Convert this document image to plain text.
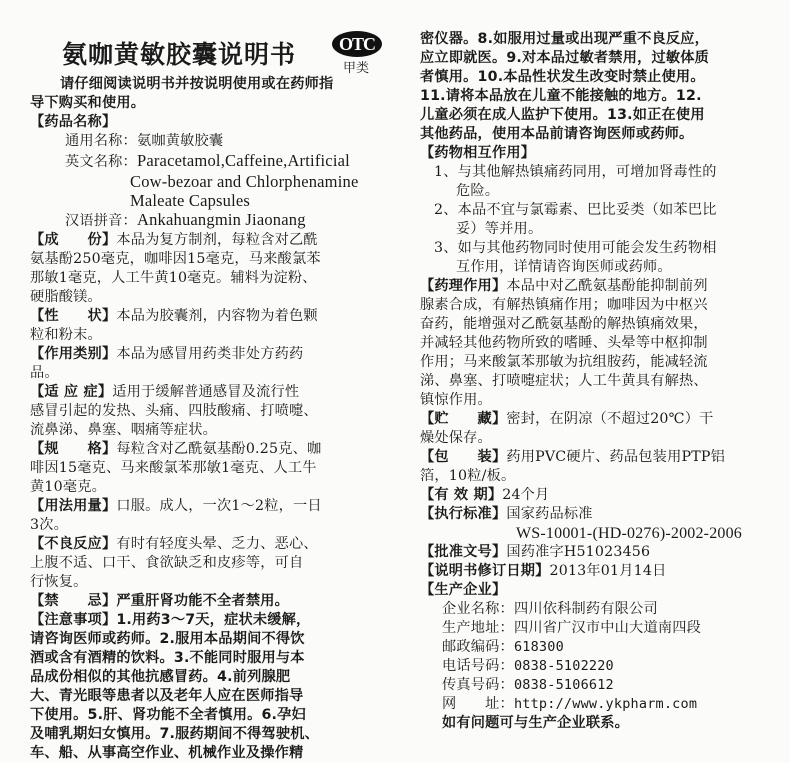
氨咖黄敏胶囊说明书	OTC
甲类
请仔细阅读说明书并按说明使用或在药师指
导下购买和使用。
【药品名称】
通用名称：氨咖黄敏胶囊
英文名称：Paracetamol,Caffeine,Artificial
Cow-bezoar and Chlorphenamine
Maleate Capsules
汉语拼音：Ankahuangmin Jiaonang
【成　　份】本品为复方制剂，每粒含对乙酰
氨基酚250毫克，咖啡因15毫克，马来酸氯苯
那敏1毫克，人工牛黄10毫克。辅料为淀粉、
硬脂酸镁。
【性　　状】本品为胶囊剂，内容物为着色颗
粒和粉末。
【作用类别】本品为感冒用药类非处方药药
品。
【适 应 症】适用于缓解普通感冒及流行性
感冒引起的发热、头痛、四肢酸痛、打喷嚏、
流鼻涕、鼻塞、咽痛等症状。
【规　　格】每粒含对乙酰氨基酚0.25克、咖
啡因15毫克、马来酸氯苯那敏1毫克、人工牛
黄10毫克。
【用法用量】口服。成人，一次1～2粒，一日
3次。
【不良反应】有时有轻度头晕、乏力、恶心、
上腹不适、口干、食欲缺乏和皮疹等，可自
行恢复。
【禁　　忌】严重肝肾功能不全者禁用。
【注意事项】1.用药3～7天，症状未缓解，
请咨询医师或药师。2.服用本品期间不得饮
酒或含有酒精的饮料。3.不能同时服用与本
品成份相似的其他抗感冒药。4.前列腺肥
大、青光眼等患者以及老年人应在医师指导
下使用。5.肝、肾功能不全者慎用。6.孕妇
及哺乳期妇女慎用。7.服药期间不得驾驶机、
车、船、从事高空作业、机械作业及操作精
密仪器。8.如服用过量或出现严重不良反应，
应立即就医。9.对本品过敏者禁用，过敏体质
者慎用。10.本品性状发生改变时禁止使用。
11.请将本品放在儿童不能接触的地方。12.
儿童必须在成人监护下使用。13.如正在使用
其他药品，使用本品前请咨询医师或药师。
【药物相互作用】
1、与其他解热镇痛药同用，可增加肾毒性的
危险。
2、本品不宜与氯霉素、巴比妥类（如苯巴比
妥）等并用。
3、如与其他药物同时使用可能会发生药物相
互作用，详情请咨询医师或药师。
【药理作用】本品中对乙酰氨基酚能抑制前列
腺素合成，有解热镇痛作用；咖啡因为中枢兴
奋药，能增强对乙酰氨基酚的解热镇痛效果，
并减轻其他药物所致的嗜睡、头晕等中枢抑制
作用；马来酸氯苯那敏为抗组胺药，能减轻流
涕、鼻塞、打喷嚏症状；人工牛黄具有解热、
镇惊作用。
【贮　　藏】密封，在阴凉（不超过20℃）干
燥处保存。
【包　　装】药用PVC硬片、药品包装用PTP铝
箔，10粒/板。
【有 效 期】24个月
【执行标准】国家药品标准
WS-10001-(HD-0276)-2002-2006
【批准文号】国药准字H51023456
【说明书修订日期】2013年01月14日
【生产企业】
企业名称：四川依科制药有限公司
生产地址：四川省广汉市中山大道南四段
邮政编码：618300
电话号码：0838-5102220
传真号码：0838-5106612
网　　址：http://www.ykpharm.com
如有问题可与生产企业联系。
